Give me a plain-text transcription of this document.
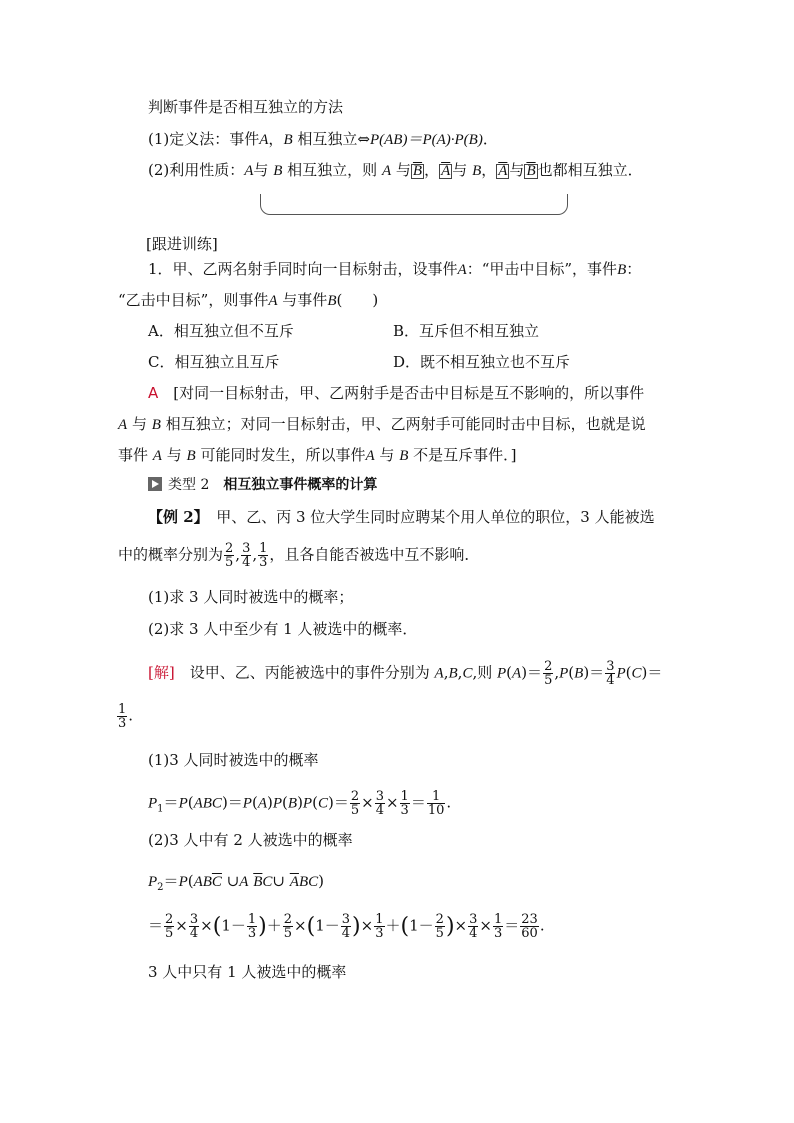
判断事件是否相互独立的方法
(1)定义法：事件A，B 相互独立⇔P(AB)＝P(A)·P(B)．
(2)利用性质：A与 B 相互独立，则 A 与 $\overline{B}$ ， $\overline{A}$ 与 B， $\overline{A}$ 与 $\overline{B}$ 也都相互独立．
[跟进训练]
1．甲、乙两名射手同时向一目标射击，设事件A：“甲击中目标”，事件B：
“乙击中目标”，则事件A 与事件B(　　)
A．相互独立但不互斥	B．互斥但不相互独立
C．相互独立且互斥	D．既不相互独立也不互斥
A　 [对同一目标射击，甲、乙两射手是否击中目标是互不影响的，所以事件
A 与 B 相互独立；对同一目标射击，甲、乙两射手可能同时击中目标，也就是说
事件 A 与 B 可能同时发生，所以事件A 与 B 不是互斥事件．]
类型 2　 相互独立事件概率的计算
【例 2】　 甲、乙、丙 3 位大学生同时应聘某个用人单位的职位，3 人能被选
中的概率分别为 $\frac{2}{5}$ , $\frac{3}{4}$ , $\frac{1}{3}$ ，且各自能否被选中互不影响．
(1)求 3 人同时被选中的概率；
(2)求 3 人中至少有 1 人被选中的概率．
[解]　 设甲、乙、丙能被选中的事件分别为 A,B,C,则 $P(A)= \frac{2}{5} ,P(B)= \frac{3}{4} P(C)=$
$\frac{1}{3}$ .
(1)3 人同时被选中的概率
$P_1=P(ABC)=P(A)P(B)P(C)= \frac{2}{5} \times \frac{3}{4} \times \frac{1}{3} = \frac{1}{10}$ .
(2)3 人中有 2 人被选中的概率
$P_2=P(AB\overline{C}$ ∪A $\overline{B}C\cup$ $\overline{A}BC$)
＝ $\frac{2}{5} \times \frac{3}{4} \times(1- \frac{1}{3}$ )＋ $\frac{2}{5} \times(1- \frac{3}{4}$ )× $\frac{1}{3} +(1- \frac{2}{5}$ )× $\frac{3}{4} \times \frac{1}{3} = \frac{23}{60}$ .
3 人中只有 1 人被选中的概率
